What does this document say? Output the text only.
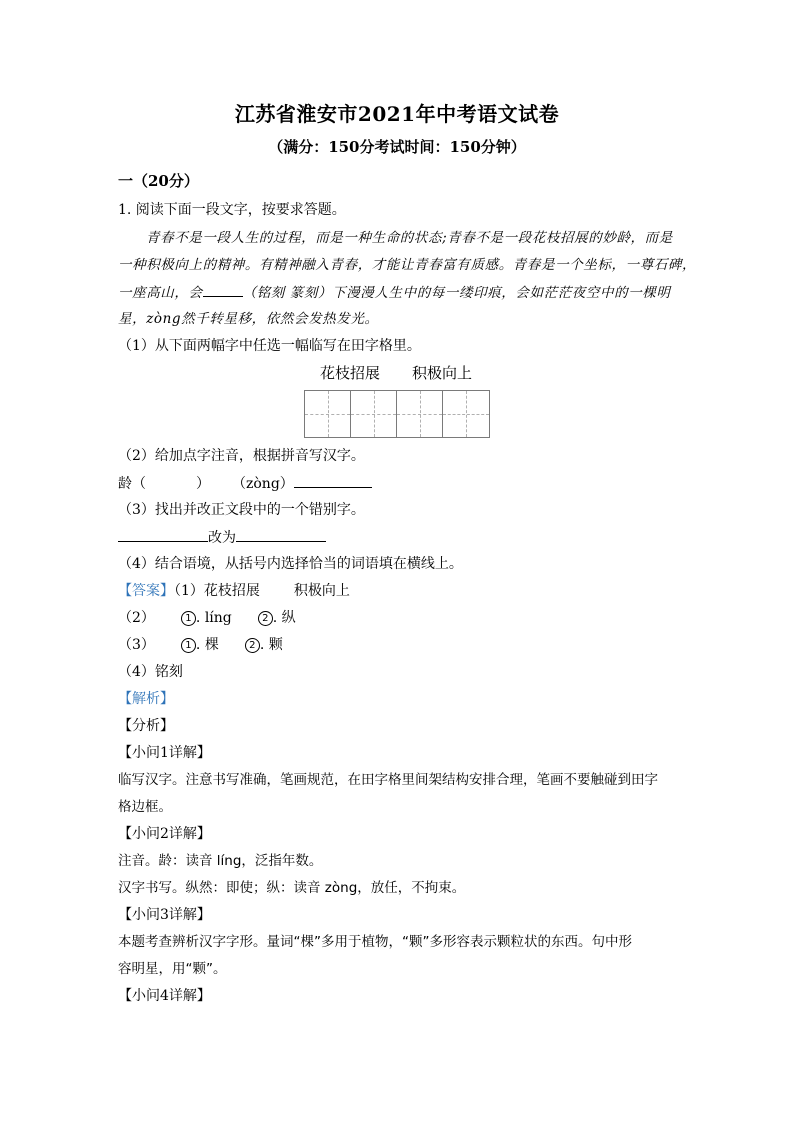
江苏省淮安市2021年中考语文试卷
（满分：150分考试时间：150分钟）
一（20分）
1. 阅读下面一段文字，按要求答题。
青春不是一段人生的过程，而是一种生命的状态;青春不是一段花枝招展的妙龄，而是
一种积极向上的精神。有精神融入青春，才能让青春富有质感。青春是一个坐标，一尊石碑，
一座高山，会	（铭刻 篆刻）下漫漫人生中的每一缕印痕，会如茫茫夜空中的一棵明
星，zòng然千转星移，依然会发热发光。
（1）从下面两幅字中任选一幅临写在田字格里。
花枝招展 积极向上
（2）给加点字注音，根据拼音写汉字。
龄（	） （zòng）
（3）找出并改正文段中的一个错别字。
改为
（4）结合语境，从括号内选择恰当的词语填在横线上。
【答案】（1）花枝招展 积极向上
（2）	1 . líng	2 . 纵
（3）	1 . 棵	2 . 颗
（4）铭刻
【解析】
【分析】
【小问1详解】
临写汉字。注意书写准确，笔画规范，在田字格里间架结构安排合理，笔画不要触碰到田字
格边框。
【小问2详解】
注音。龄：读音 líng，泛指年数。
汉字书写。纵然：即使；纵：读音 zòng，放任，不拘束。
【小问3详解】
本题考查辨析汉字字形。量词“棵”多用于植物，“颗”多形容表示颗粒状的东西。句中形
容明星，用“颗”。
【小问4详解】
